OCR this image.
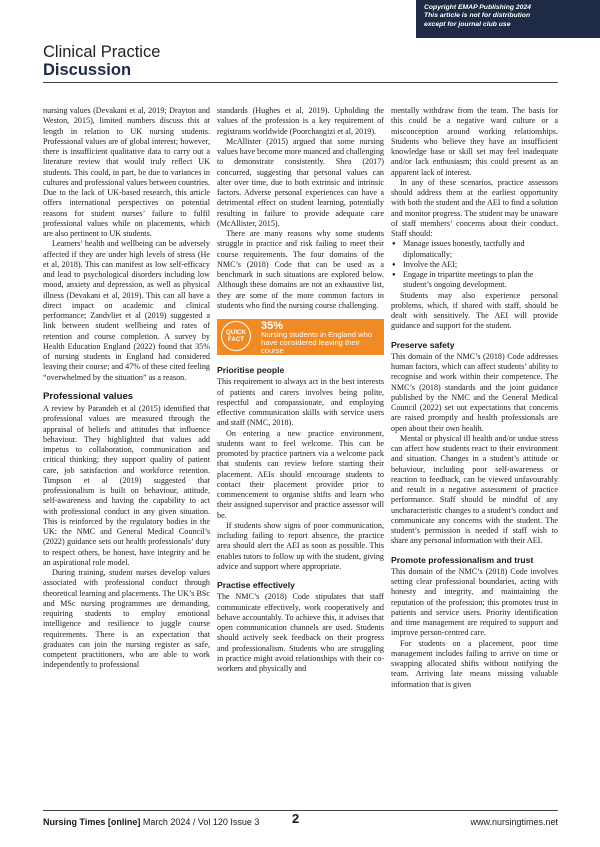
Copyright EMAP Publishing 2024
This article is not for distribution
except for journal club use
Clinical Practice
Discussion

nursing values (Devakani et al, 2019; Drayton and Weston, 2015), limited numbers discuss this at length in relation to UK nursing students. Professional values are of global interest; however, there is insufficient qualitative data to carry out a literature review that would truly reflect UK students. This could, in part, be due to variances in cultures and professional values between countries. Due to the lack of UK-based research, this article offers international perspectives on potential reasons for student nurses’ failure to fulfil professional values while on placements, which are also pertinent to UK students.

Learners’ health and wellbeing can be adversely affected if they are under high levels of stress (He et al, 2018). This can manifest as low self-efficacy and lead to psychological disorders including low mood, anxiety and depression, as well as physical illness (Devakani et al, 2019). This can all have a direct impact on academic and clinical performance; Zandvliet et al (2019) suggested a link between student wellbeing and rates of retention and course completion. A survey by Health Education England (2022) found that 35% of nursing students in England had considered leaving their course; and 47% of these cited feeling “overwhelmed by the situation” as a reason.

Professional values

A review by Parandeh et al (2015) identified that professional values are measured through the appraisal of beliefs and attitudes that influence behaviour. They highlighted that values add impetus to collaboration, communication and critical thinking; they support quality of patient care, job satisfaction and workforce retention. Timpson et al (2019) suggested that professionalism is built on behaviour, attitude, self-awareness and having the capability to act with professional conduct in any given situation. This is reinforced by the regulatory bodies in the UK: the NMC and General Medical Council’s (2022) guidance sets out health professionals’ duty to respect others, be honest, have integrity and be an aspirational role model.

During training, student nurses develop values associated with professional conduct through theoretical learning and placements. The UK’s BSc and MSc nursing programmes are demanding, requiring students to employ emotional intelligence and resilience to juggle course requirements. There is an expectation that graduates can join the nursing register as safe, competent practitioners, who are able to work independently to professional

standards (Hughes et al, 2019). Upholding the values of the profession is a key requirement of registrants worldwide (Poorchangizi et al, 2019).

McAllister (2015) argued that some nursing values have become more nuanced and challenging to demonstrate consistently. Shea (2017) concurred, suggesting that personal values can alter over time, due to both extrinsic and intrinsic factors. Adverse personal experiences can have a detrimental effect on student learning, potentially resulting in failure to provide adequate care (McAllister, 2015).

There are many reasons why some students struggle in practice and risk failing to meet their course requirements. The four domains of the NMC’s (2018) Code that can be used as a benchmark in such situations are explored below. Although these domains are not an exhaustive list, they are some of the more common factors in students who find the nursing course challenging.

QUICK
FACT
35%
Nursing students in England who have considered leaving their course
Prioritise people

This requirement to always act in the best interests of patients and carers involves being polite, respectful and compassionate, and employing effective communication skills with service users and staff (NMC, 2018).

On entering a new practice environment, students want to feel welcome. This can be promoted by practice partners via a welcome pack that students can review before starting their placement. AEIs should encourage students to contact their placement provider prior to commencement to organise shifts and learn who their assigned supervisor and practice assessor will be.

If students show signs of poor communication, including failing to report absence, the practice area should alert the AEI as soon as possible. This enables tutors to follow up with the student, giving advice and support where appropriate.

Practise effectively

The NMC’s (2018) Code stipulates that staff communicate effectively, work cooperatively and behave accountably. To achieve this, it advises that open communication channels are used. Students should actively seek feedback on their progress and professionalism. Students who are struggling in practice might avoid relationships with their co-workers and physically and

mentally withdraw from the team. The basis for this could be a negative ward culture or a misconception around working relationships. Students who believe they have an insufficient knowledge base or skill set may feel inadequate and/or lack enthusiasm; this could present as an apparent lack of interest.

In any of these scenarios, practice assessors should address them at the earliest opportunity with both the student and the AEI to find a solution and monitor progress. The student may be unaware of staff members’ concerns about their conduct. Staff should:

● Manage issues honestly, tactfully and diplomatically;
● Involve the AEI;
● Engage in tripartite meetings to plan the student’s ongoing development.

Students may also experience personal problems, which, if shared with staff, should be dealt with sensitively. The AEI will provide guidance and support for the student.

Preserve safety

This domain of the NMC’s (2018) Code addresses human factors, which can affect students’ ability to recognise and work within their competence. The NMC’s (2018) standards and the joint guidance published by the NMC and the General Medical Council (2022) set out expectations that concerns are raised promptly and health professionals are open about their own health.

Mental or physical ill health and/or undue stress can affect how students react to their environment and situation. Changes in a student’s attitude or behaviour, including poor self-awareness or reaction to feedback, can be viewed unfavourably and result in a negative assessment of practice performance. Staff should be mindful of any uncharacteristic changes to a student’s conduct and communicate any concerns with the student. The student’s permission is needed if staff wish to share any personal information with their AEI.

Promote professionalism and trust

This domain of the NMC’s (2018) Code involves setting clear professional boundaries, acting with honesty and integrity, and maintaining the reputation of the profession; this promotes trust in patients and service users. Priority identification and time management are required to support and improve person-centred care.

For students on a placement, poor time management includes failing to arrive on time or swapping allocated shifts without notifying the team. Arriving late means missing valuable information that is given

Nursing Times [online] March 2024 / Vol 120 Issue 3	2	www.nursingtimes.net
